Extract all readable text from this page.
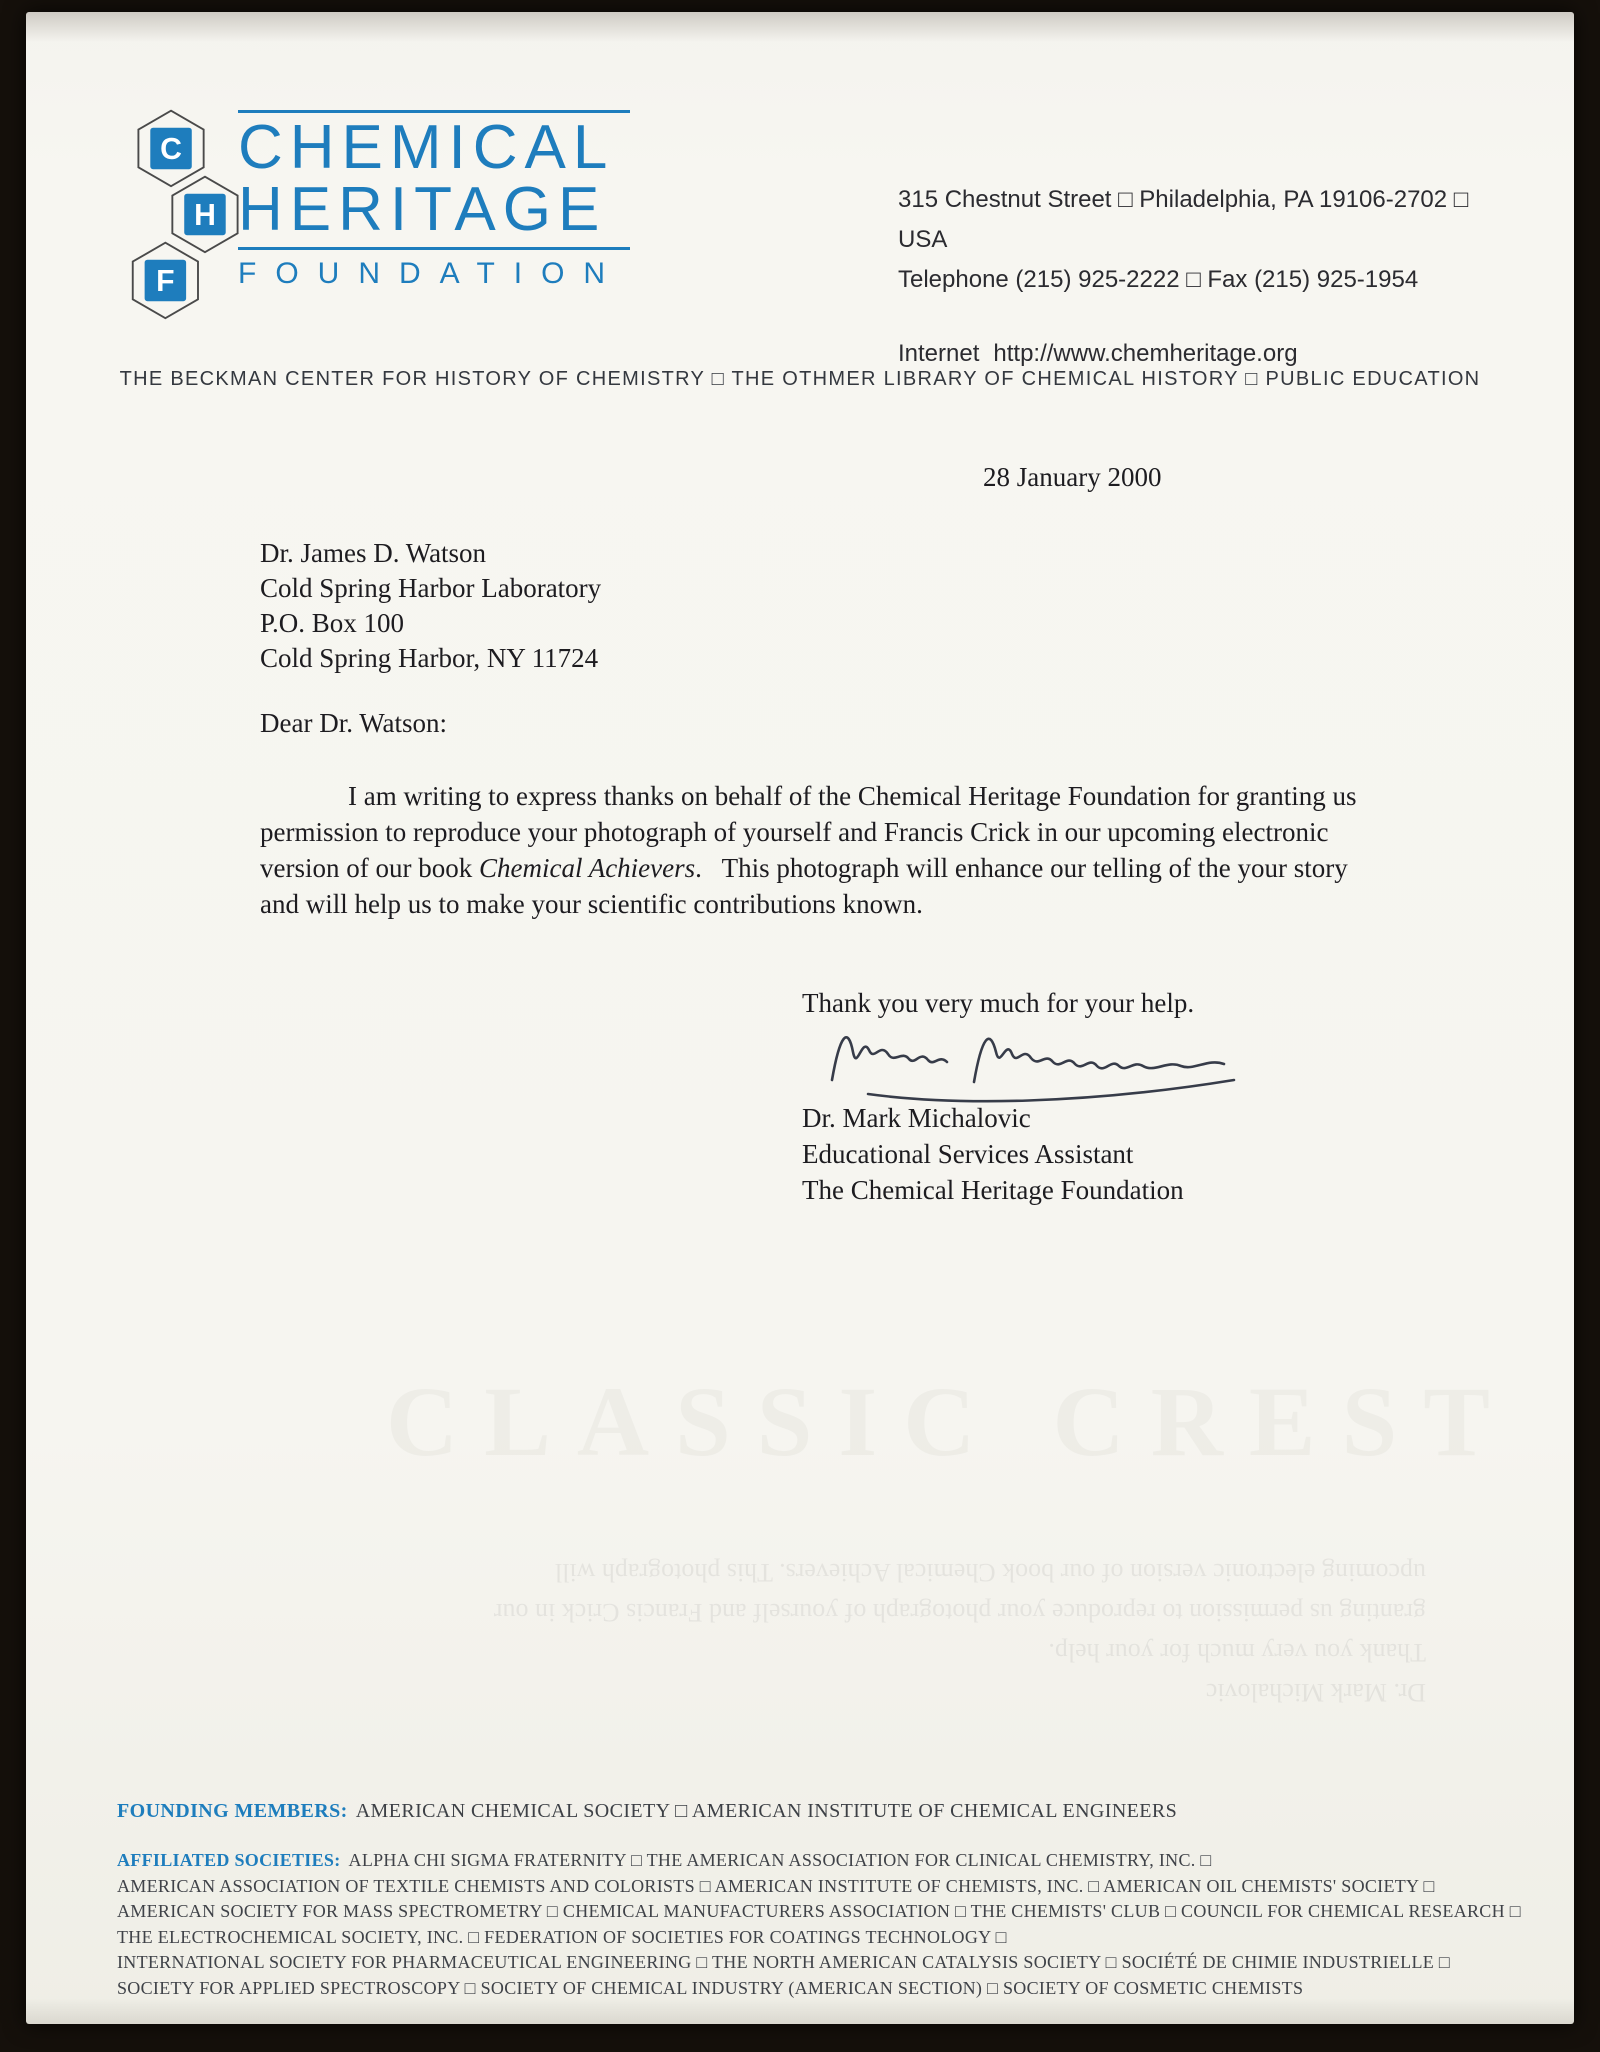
C
H
F
CHEMICAL
HERITAGE
FOUNDATION
315 Chestnut Street □ Philadelphia, PA 19106-2702 □ USA
Telephone (215) 925-2222 □ Fax (215) 925-1954
Internet http://www.chemheritage.org
THE BECKMAN CENTER FOR HISTORY OF CHEMISTRY □ THE OTHMER LIBRARY OF CHEMICAL HISTORY □ PUBLIC EDUCATION
28 January 2000
Dr. James D. Watson
Cold Spring Harbor Laboratory
P.O. Box 100
Cold Spring Harbor, NY 11724
Dear Dr. Watson:

I am writing to express thanks on behalf of the Chemical Heritage Foundation for granting us permission to reproduce your photograph of yourself and Francis Crick in our upcoming electronic version of our book Chemical Achievers.   This photograph will enhance our telling of the your story and will help us to make your scientific contributions known.

Thank you very much for your help.
Dr. Mark Michalovic
Educational Services Assistant
The Chemical Heritage Foundation
CLASSIC CREST
Dr. Mark Michalovic
Thank you very much for your help.
granting us permission to reproduce your photograph of yourself and Francis Crick in our
upcoming electronic version of our book Chemical Achievers. This photograph will
FOUNDING MEMBERS: AMERICAN CHEMICAL SOCIETY □ AMERICAN INSTITUTE OF CHEMICAL ENGINEERS
AFFILIATED SOCIETIES: ALPHA CHI SIGMA FRATERNITY □ THE AMERICAN ASSOCIATION FOR CLINICAL CHEMISTRY, INC. □
AMERICAN ASSOCIATION OF TEXTILE CHEMISTS AND COLORISTS □ AMERICAN INSTITUTE OF CHEMISTS, INC. □ AMERICAN OIL CHEMISTS' SOCIETY □
AMERICAN SOCIETY FOR MASS SPECTROMETRY □ CHEMICAL MANUFACTURERS ASSOCIATION □ THE CHEMISTS' CLUB □ COUNCIL FOR CHEMICAL RESEARCH □
THE ELECTROCHEMICAL SOCIETY, INC. □ FEDERATION OF SOCIETIES FOR COATINGS TECHNOLOGY □
INTERNATIONAL SOCIETY FOR PHARMACEUTICAL ENGINEERING □ THE NORTH AMERICAN CATALYSIS SOCIETY □ SOCIÉTÉ DE CHIMIE INDUSTRIELLE □
SOCIETY FOR APPLIED SPECTROSCOPY □ SOCIETY OF CHEMICAL INDUSTRY (AMERICAN SECTION) □ SOCIETY OF COSMETIC CHEMISTS
